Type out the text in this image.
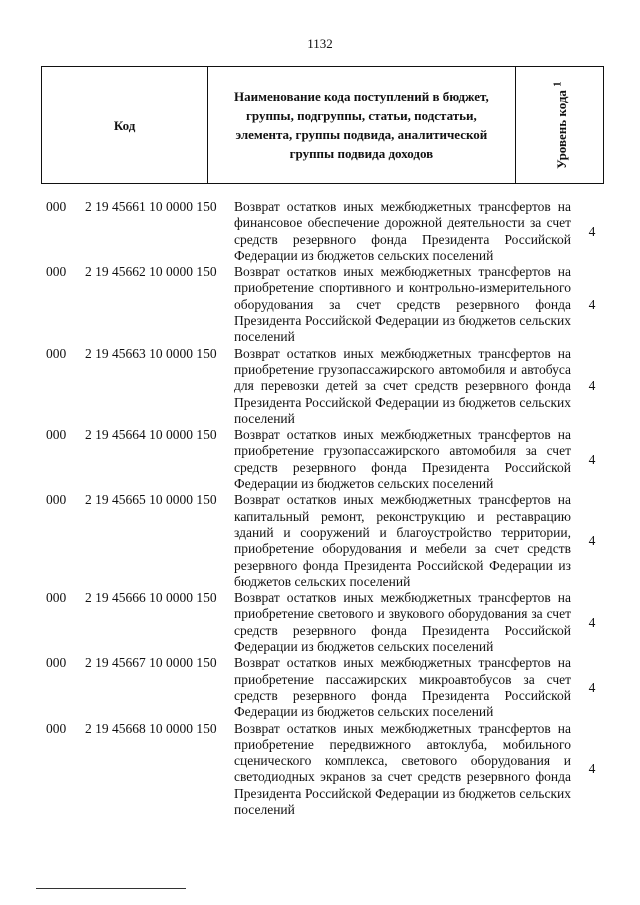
1132
Код
Наименование кода поступлений в бюджет, группы, подгруппы, статьи, подстатьи, элемента, группы подвида, аналитической группы подвида доходов	Уровень кода $^1$
000 2 19 45661 10 0000 150 Возврат остатков иных межбюджетных трансфертов на финансовое обеспечение дорожной деятельности за счет средств резервного фонда Президента Российской Федерации из бюджетов сельских поселений
4
000 2 19 45662 10 0000 150 Возврат остатков иных межбюджетных трансфертов на приобретение спортивного и контрольно-измерительного оборудования за счет средств резервного фонда Президента Российской Федерации из бюджетов сельских поселений
4
000 2 19 45663 10 0000 150 Возврат остатков иных межбюджетных трансфертов на приобретение грузопассажирского автомобиля и автобуса для перевозки детей за счет средств резервного фонда Президента Российской Федерации из бюджетов сельских поселений
4
000 2 19 45664 10 0000 150 Возврат остатков иных межбюджетных трансфертов на приобретение грузопассажирского автомобиля за счет средств резервного фонда Президента Российской Федерации из бюджетов сельских поселений
4
000 2 19 45665 10 0000 150 Возврат остатков иных межбюджетных трансфертов на капитальный ремонт, реконструкцию и реставрацию зданий и сооружений и благоустройство территории, приобретение оборудования и мебели за счет средств резервного фонда Президента Российской Федерации из бюджетов сельских поселений
4
000 2 19 45666 10 0000 150 Возврат остатков иных межбюджетных трансфертов на приобретение светового и звукового оборудования за счет средств резервного фонда Президента Российской Федерации из бюджетов сельских поселений
4
000 2 19 45667 10 0000 150 Возврат остатков иных межбюджетных трансфертов на приобретение пассажирских микроавтобусов за счет средств резервного фонда Президента Российской Федерации из бюджетов сельских поселений
4
000 2 19 45668 10 0000 150 Возврат остатков иных межбюджетных трансфертов на приобретение передвижного автоклуба, мобильного сценического комплекса, светового оборудования и светодиодных экранов за счет средств резервного фонда Президента Российской Федерации из бюджетов сельских поселений
4
